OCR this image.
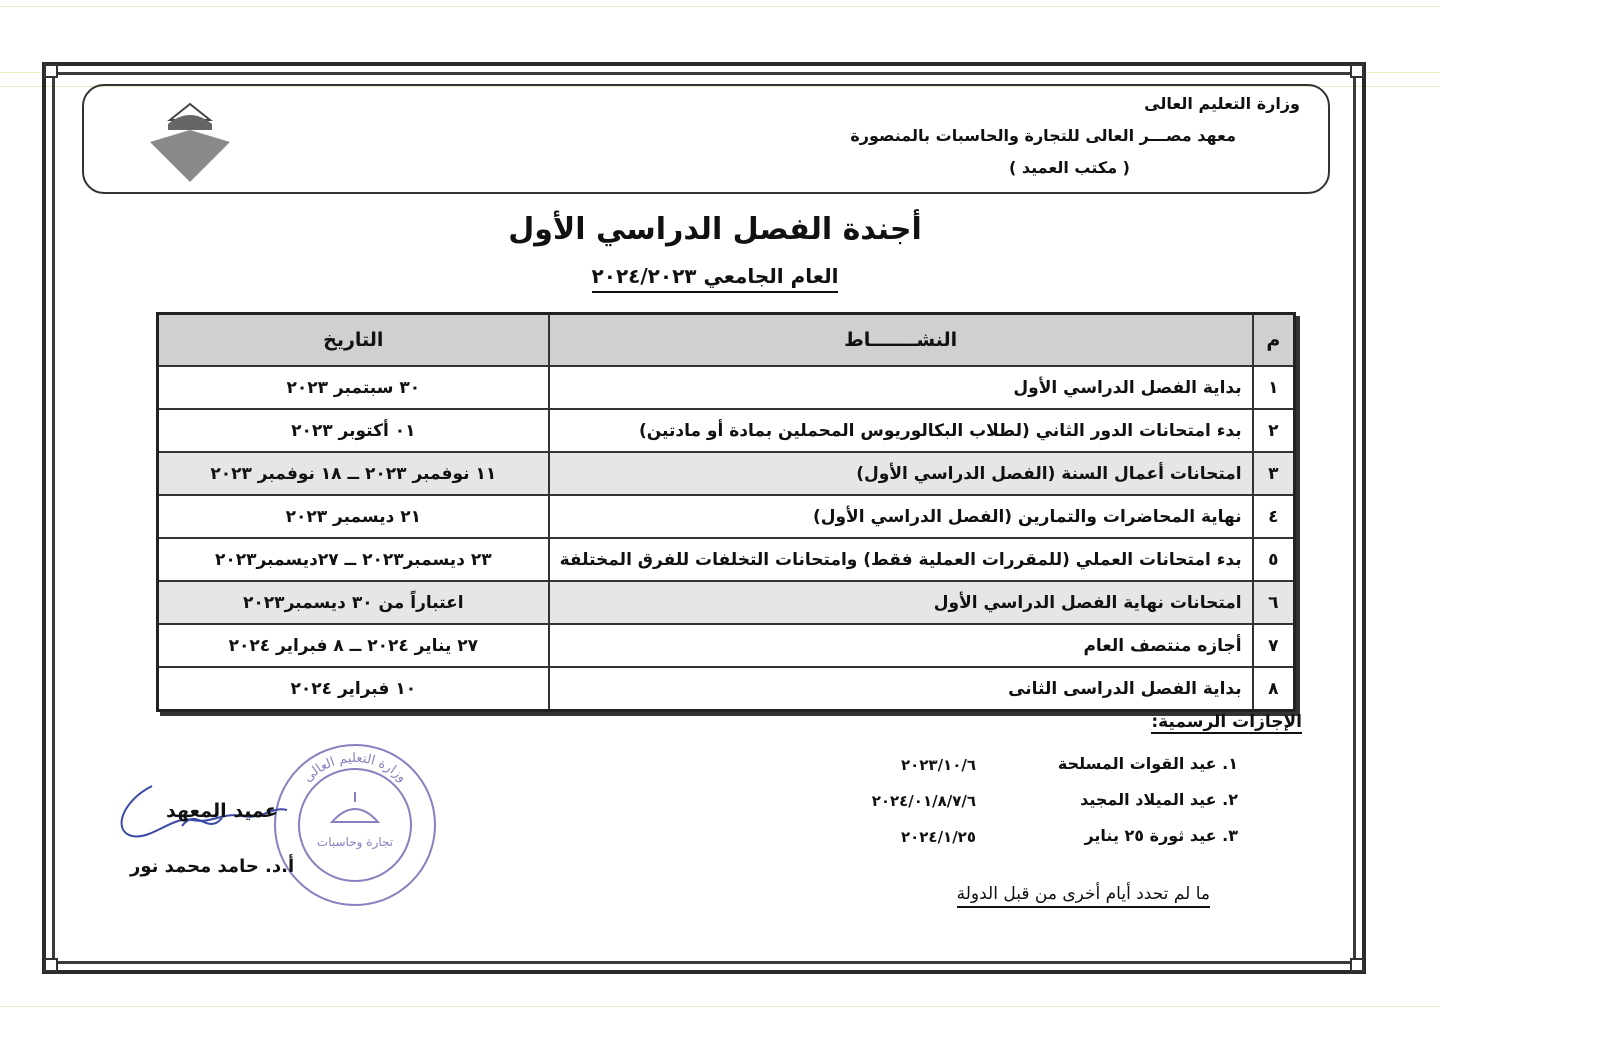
وزارة التعليم العالى
معهد مصـــر العالى للتجارة والحاسبات بالمنصورة
( مكتب العميد )
أجندة الفصل الدراسي الأول
العام الجامعي ٢٠٢٤/٢٠٢٣
م	النشـــــــاط	التاريخ
١	بداية الفصل الدراسي الأول	٣٠ سبتمبر ٢٠٢٣
٢	بدء امتحانات الدور الثاني (لطلاب البكالوريوس المحملين بمادة أو مادتين)	٠١ أكتوبر ٢٠٢٣
٣	امتحانات أعمال السنة (الفصل الدراسي الأول)	١١ نوفمبر ٢٠٢٣ ــ ١٨ نوفمبر ٢٠٢٣
٤	نهاية المحاضرات والتمارين (الفصل الدراسي الأول)	٢١ ديسمبر ٢٠٢٣
٥	بدء امتحانات العملي (للمقررات العملية فقط) وامتحانات التخلفات للفرق المختلفة	٢٣ ديسمبر٢٠٢٣ ــ ٢٧ديسمبر٢٠٢٣
٦	امتحانات نهاية الفصل الدراسي الأول	اعتباراً من ٣٠ ديسمبر٢٠٢٣
٧	أجازه منتصف العام	٢٧ يناير ٢٠٢٤ ــ ٨ فبراير ٢٠٢٤
٨	بداية الفصل الدراسى الثانى	١٠ فبراير ٢٠٢٤
الإجازات الرسمية:
١. عيد القوات المسلحة
٢٠٢٣/١٠/٦
٢. عيد الميلاد المجيد
٢٠٢٤/٠١/٨/٧/٦
٣. عيد ثورة ٢٥ يناير
٢٠٢٤/١/٢٥
ما لم تحدد أيام أخرى من قبل الدولة
وزارة التعليم العالى
تجارة وحاسبات
عميد المعهد
أ.د. حامد محمد نور
